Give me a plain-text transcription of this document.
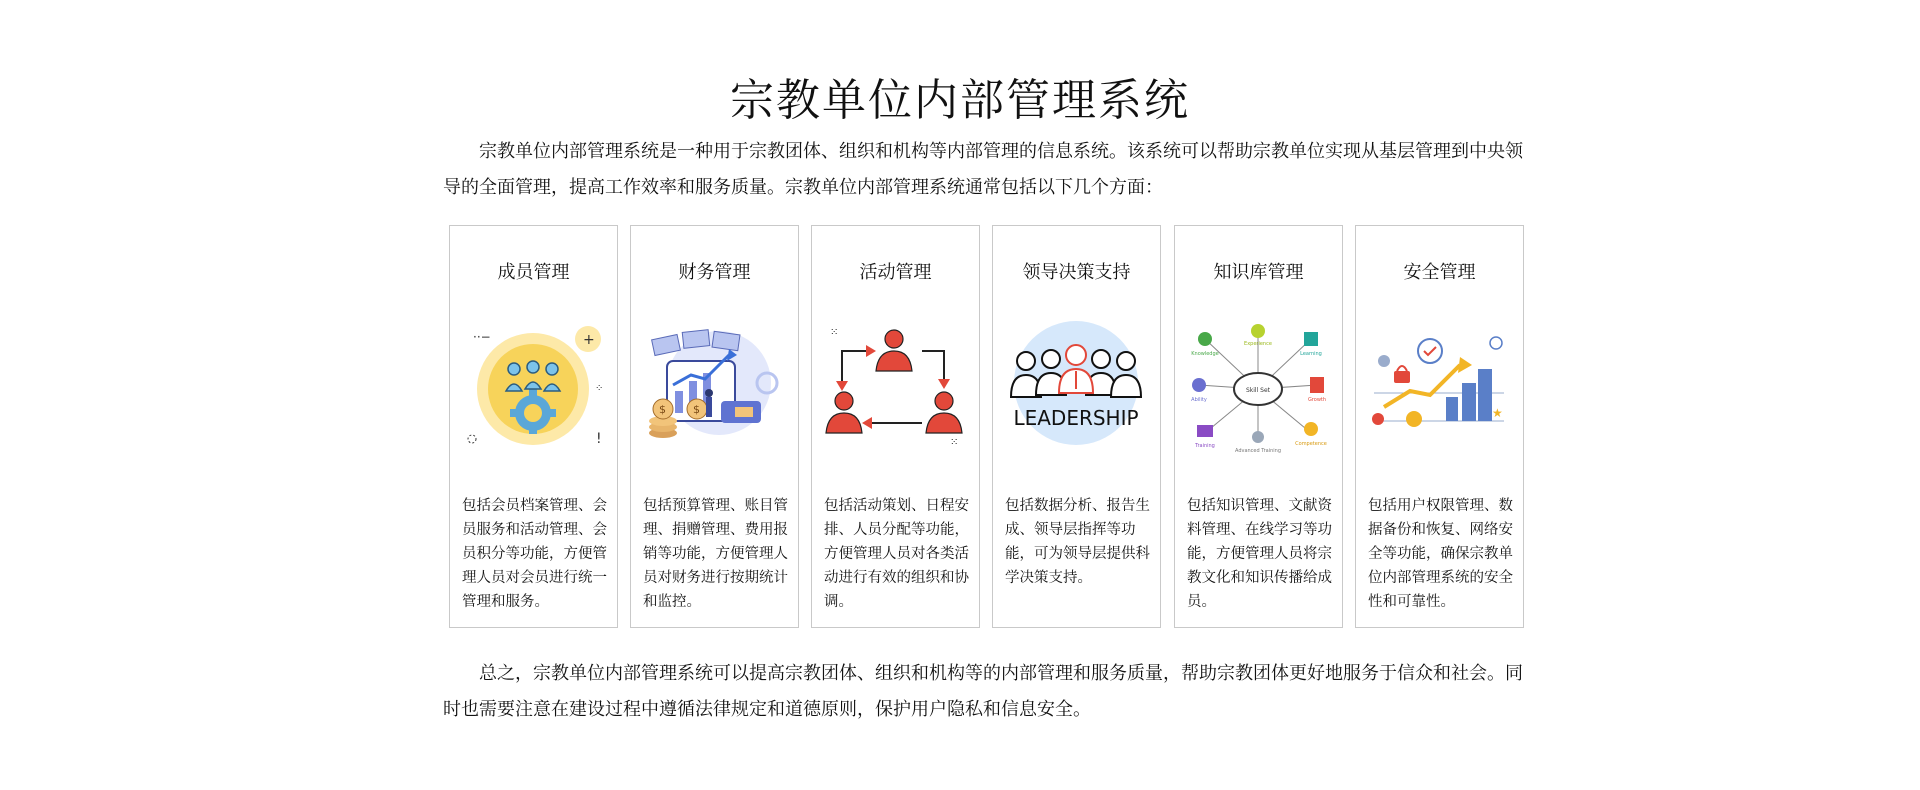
宗教单位内部管理系统
宗教单位内部管理系统是一种用于宗教团体、组织和机构等内部管理的信息系统。该系统可以帮助宗教单位实现从基层管理到中央领导的全面管理，提高工作效率和服务质量。宗教单位内部管理系统通常包括以下几个方面：
成员管理
··−	+
⁘
!
包括会员档案管理、会员服务和活动管理、会员积分等功能，方便管理人员对会员进行统一管理和服务。
财务管理
$ $
包括预算管理、账目管理、捐赠管理、费用报销等功能，方便管理人员对财务进行按期统计和监控。
活动管理
⁙
⁙
包括活动策划、日程安排、人员分配等功能，方便管理人员对各类活动进行有效的组织和协调。
领导决策支持
LEADERSHIP
包括数据分析、报告生成、领导层指挥等功能，可为领导层提供科学决策支持。
知识库管理
Skill Set
Knowledge
Experience
Learning
Ability	Growth
Training
Advanced Training
Competence
包括知识管理、文献资料管理、在线学习等功能，方便管理人员将宗教文化和知识传播给成员。
安全管理
★
包括用户权限管理、数据备份和恢复、网络安全等功能，确保宗教单位内部管理系统的安全性和可靠性。
总之，宗教单位内部管理系统可以提高宗教团体、组织和机构等的内部管理和服务质量，帮助宗教团体更好地服务于信众和社会。同时也需要注意在建设过程中遵循法律规定和道德原则，保护用户隐私和信息安全。
